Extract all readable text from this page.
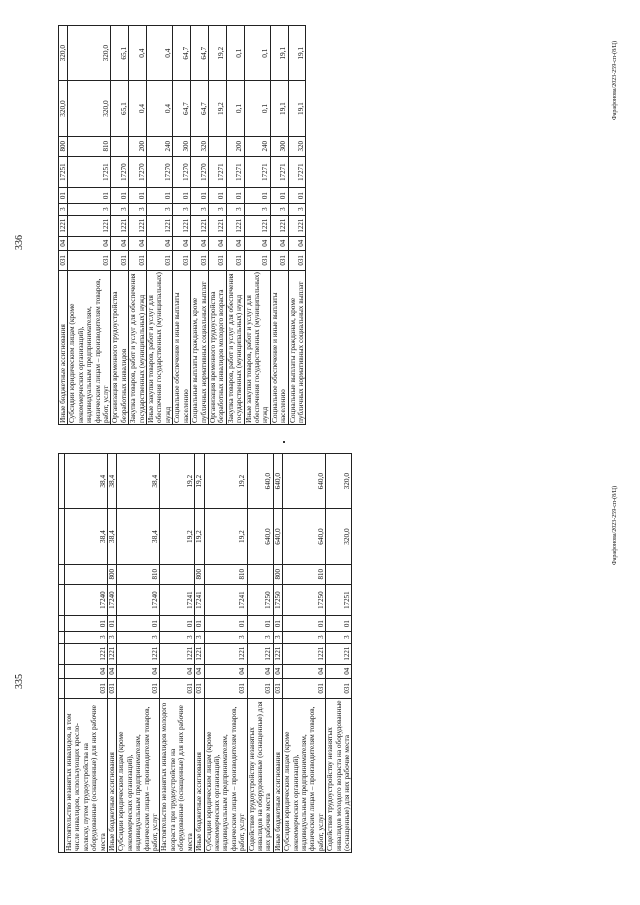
335
336

Настоятельство незанятых инвалидов, в том числе инвалидов, использующих кресло-коляску, путем трудоустройства на оборудованные (оснащенные) для них рабочие места	031	04	1221	3	01	17240		38,4	38,4
Иные бюджетные ассигнования	031	04	1221	3	01	17240	800	38,4	38,4
Субсидии юридическим лицам (кроме некоммерческих организаций), индивидуальным предпринимателям, физическим лицам – производителям товаров, работ, услуг	031	04	1221	3	01	17240	810	38,4	38,4
Настоятельство незанятых инвалидов молодого возраста при трудоустройстве на оборудованные (оснащенные) для них рабочие места	031	04	1221	3	01	17241		19,2	19,2
Иные бюджетные ассигнования	031	04	1221	3	01	17241	800	19,2	19,2
Субсидии юридическим лицам (кроме некоммерческих организаций), индивидуальным предпринимателям, физическим лицам – производителям товаров, работ, услуг	031	04	1221	3	01	17241	810	19,2	19,2
Содействие трудоустройству незанятых инвалидов на оборудованные (оснащенные) для них рабочие места	031	04	1221	3	01	17250		640,0	640,0
Иные бюджетные ассигнования	031	04	1221	3	01	17250	800	640,0	640,0
Субсидии юридическим лицам (кроме некоммерческих организаций), индивидуальным предпринимателям, физическим лицам – производителям товаров, работ, услуг	031	04	1221	3	01	17250	810	640,0	640,0
Содействие трудоустройству незанятых инвалидов молодого возраста на оборудованные (оснащенные) для них рабочие места	031	04	1221	3	01	17251		320,0	320,0
Иные бюджетные ассигнования	031	04	1221	3	01	17251	800	320,0	320,0
Субсидии юридическим лицам (кроме некоммерческих организаций), индивидуальным предпринимателям, физическим лицам – производителям товаров, работ, услуг	031	04	1221	3	01	17251	810	320,0	320,0
Организация временного трудоустройства безработных инвалидов	031	04	1221	3	01	17270		65,1	65,1
Закупка товаров, работ и услуг для обеспечения государственных (муниципальных) нужд	031	04	1221	3	01	17270	200	0,4	0,4
Иные закупки товаров, работ и услуг для обеспечения государственных (муниципальных) нужд	031	04	1221	3	01	17270	240	0,4	0,4
Социальное обеспечение и иные выплаты населению	031	04	1221	3	01	17270	300	64,7	64,7
Социальные выплаты гражданам, кроме публичных нормативных социальных выплат	031	04	1221	3	01	17270	320	64,7	64,7
Организация временного трудоустройства безработных инвалидов молодого возраста	031	04	1221	3	01	17271		19,2	19,2
Закупка товаров, работ и услуг для обеспечения государственных (муниципальных) нужд	031	04	1221	3	01	17271	200	0,1	0,1
Иные закупки товаров, работ и услуг для обеспечения государственных (муниципальных) нужд	031	04	1221	3	01	17271	240	0,1	0,1
Социальное обеспечение и иные выплаты населению	031	04	1221	3	01	17271	300	19,1	19,1
Социальные выплаты гражданам, кроме публичных нормативных социальных выплат	031	04	1221	3	01	17271	320	19,1	19,1
Фарафонова/2023-259-сп-(8/Ц)
Фарафонова/2023-259-сп-(8/Ц)
